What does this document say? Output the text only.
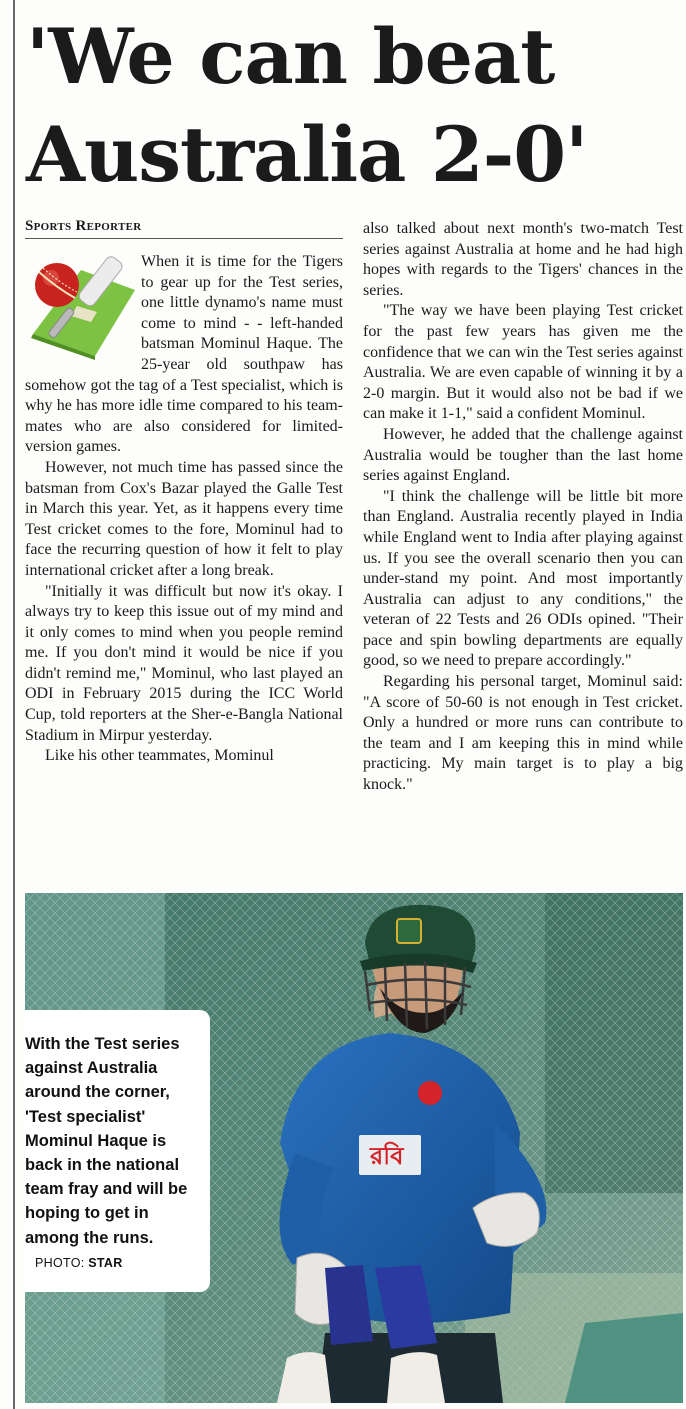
'We can beat
Australia 2-0'
Sports Reporter

When it is time for the Tigers to gear up for the Test series, one little dynamo's name must come to mind - - left-handed batsman Mominul Haque. The 25-year old southpaw has somehow got the tag of a Test specialist, which is why he has more idle time compared to his team-mates who are also considered for limited-version games.

However, not much time has passed since the batsman from Cox's Bazar played the Galle Test in March this year. Yet, as it happens every time Test cricket comes to the fore, Mominul had to face the recurring question of how it felt to play international cricket after a long break.

"Initially it was difficult but now it's okay. I always try to keep this issue out of my mind and it only comes to mind when you people remind me. If you don't mind it would be nice if you didn't remind me," Mominul, who last played an ODI in February 2015 during the ICC World Cup, told reporters at the Sher-e-Bangla National Stadium in Mirpur yesterday.

Like his other teammates, Mominul

also talked about next month's two-match Test series against Australia at home and he had high hopes with regards to the Tigers' chances in the series.

"The way we have been playing Test cricket for the past few years has given me the confidence that we can win the Test series against Australia. We are even capable of winning it by a 2-0 margin. But it would also not be bad if we can make it 1-1," said a confident Mominul.

However, he added that the challenge against Australia would be tougher than the last home series against England.

"I think the challenge will be little bit more than England. Australia recently played in India while England went to India after playing against us. If you see the overall scenario then you can under-stand my point. And most importantly Australia can adjust to any conditions," the veteran of 22 Tests and 26 ODIs opined. "Their pace and spin bowling departments are equally good, so we need to prepare accordingly."

Regarding his personal target, Mominul said: "A score of 50-60 is not enough in Test cricket. Only a hundred or more runs can contribute to the team and I am keeping this in mind while practicing. My main target is to play a big knock."

রবি
With the Test series against Australia around the corner, 'Test specialist' Mominul Haque is back in the national team fray and will be hoping to get in among the runs. PHOTO: STAR
